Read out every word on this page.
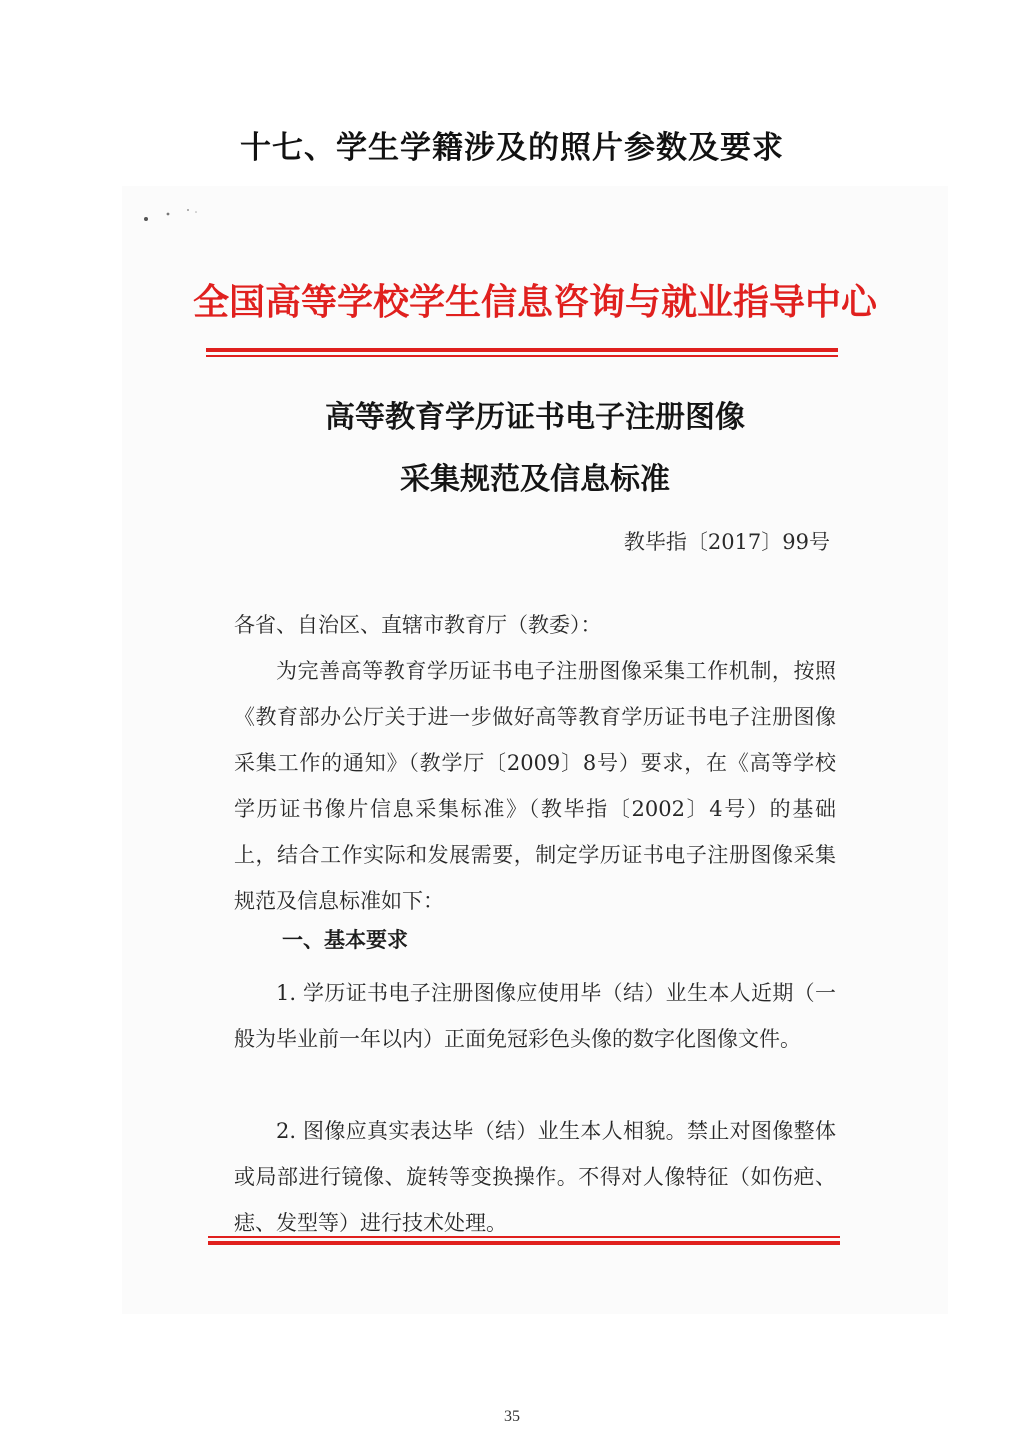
十七、学生学籍涉及的照片参数及要求
全国高等学校学生信息咨询与就业指导中心
高等教育学历证书电子注册图像
采集规范及信息标准
教毕指〔2017〕99号
各省、自治区、直辖市教育厅（教委）：

为完善高等教育学历证书电子注册图像采集工作机制，按照《教育部办公厅关于进一步做好高等教育学历证书电子注册图像采集工作的通知》（教学厅〔2009〕8号）要求，在《高等学校学历证书像片信息采集标准》（教毕指〔2002〕4号）的基础上，结合工作实际和发展需要，制定学历证书电子注册图像采集规范及信息标准如下：

一、基本要求

1. 学历证书电子注册图像应使用毕（结）业生本人近期（一般为毕业前一年以内）正面免冠彩色头像的数字化图像文件。

2. 图像应真实表达毕（结）业生本人相貌。禁止对图像整体或局部进行镜像、旋转等变换操作。不得对人像特征（如伤疤、痣、发型等）进行技术处理。

35
